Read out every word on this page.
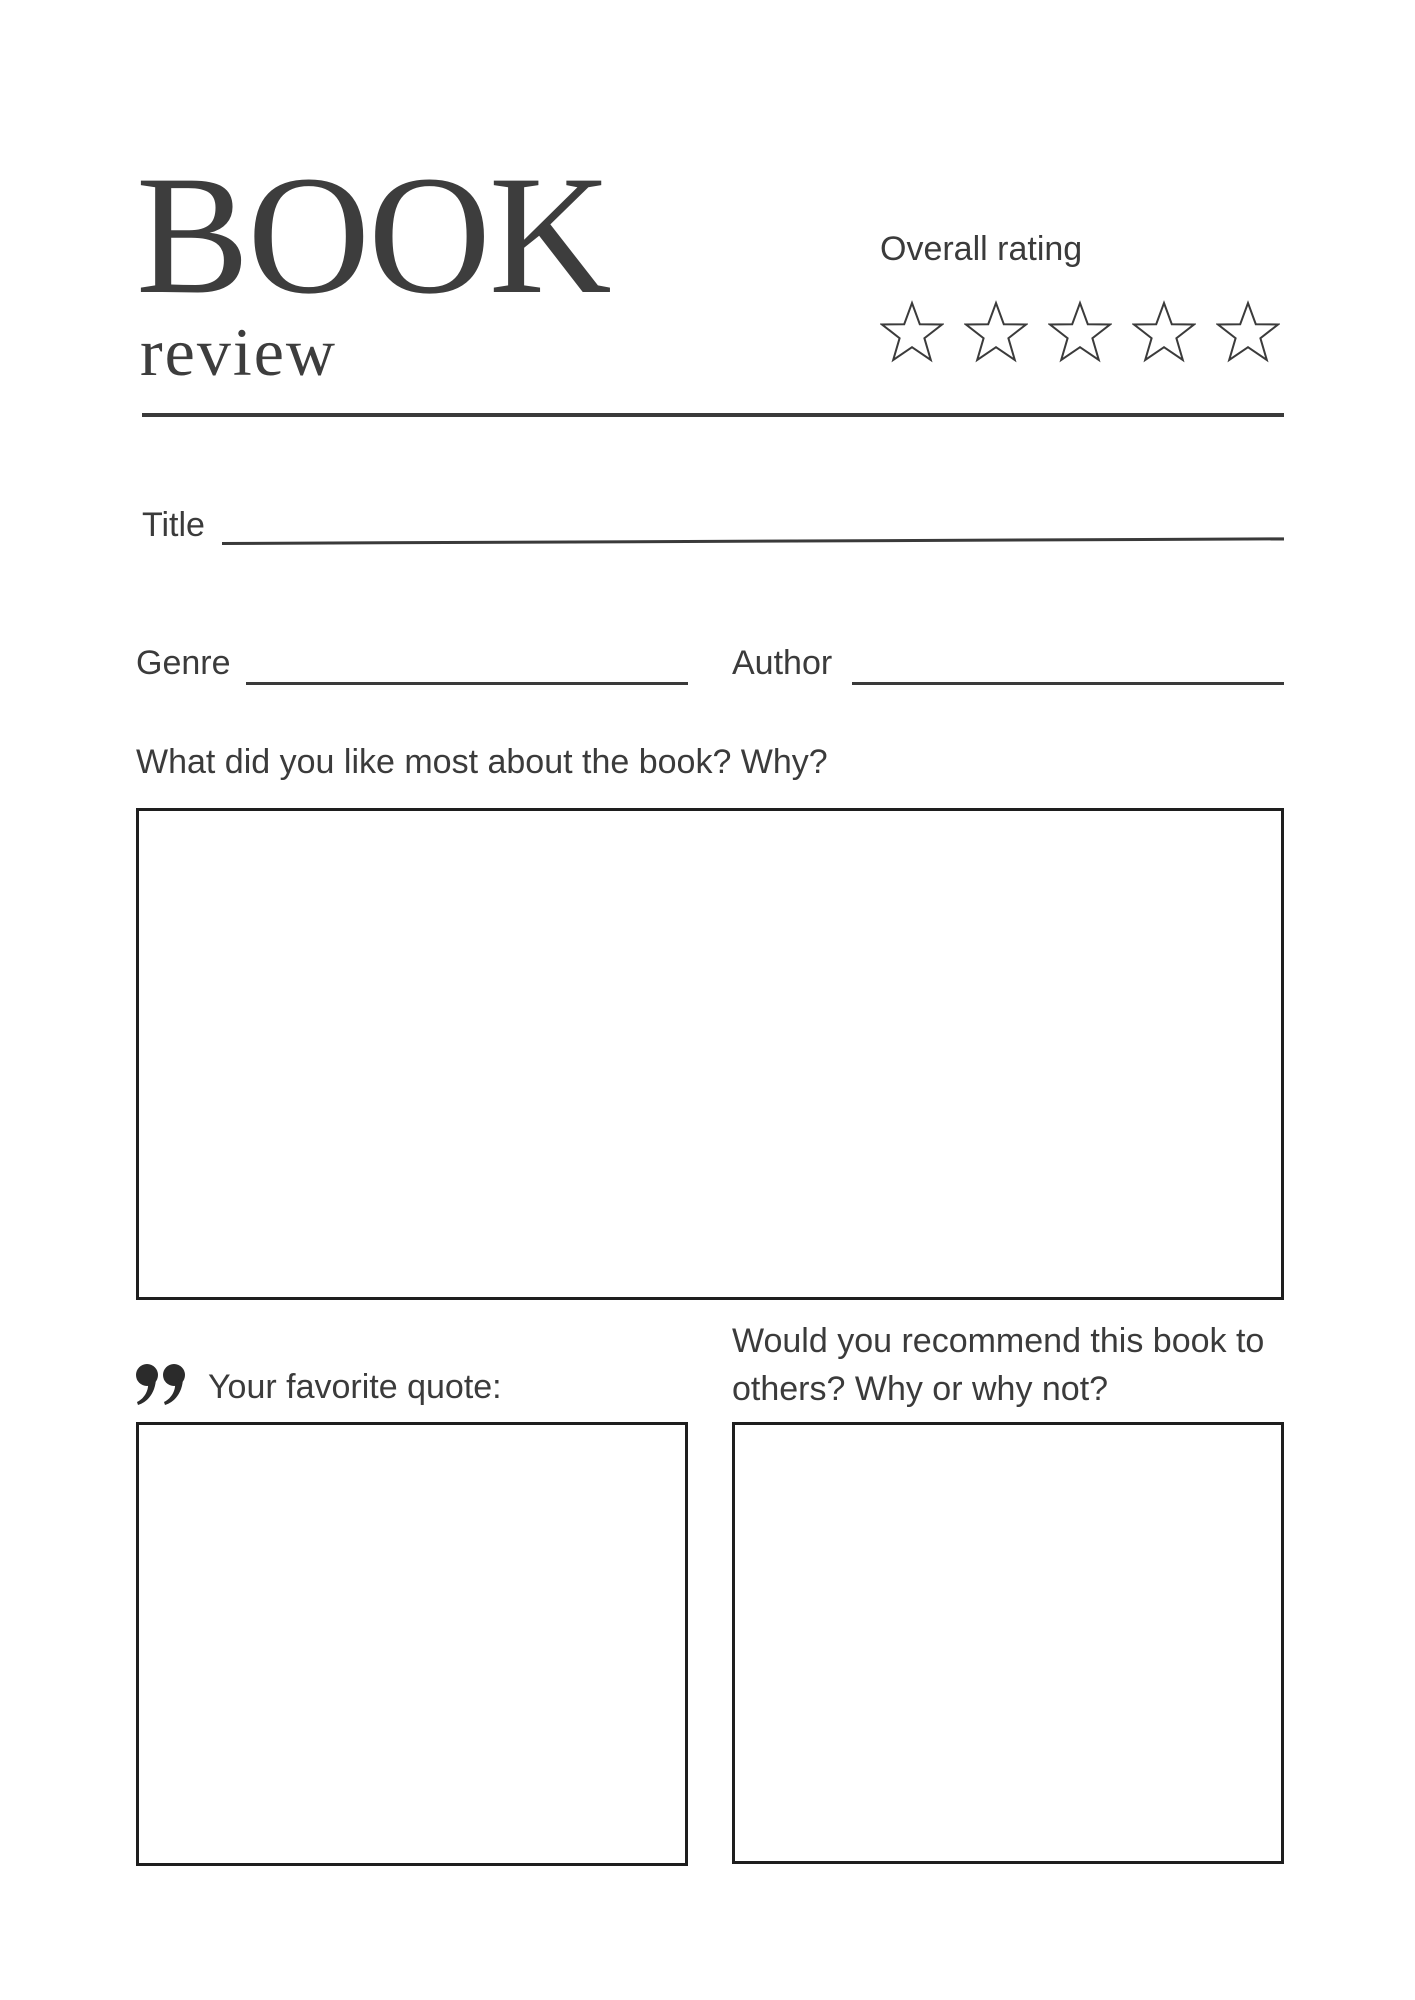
BOOK
review
Overall rating
Title
Genre	Author
What did you like most about the book? Why?
Your favorite quote:
Would you recommend this book to
others? Why or why not?
